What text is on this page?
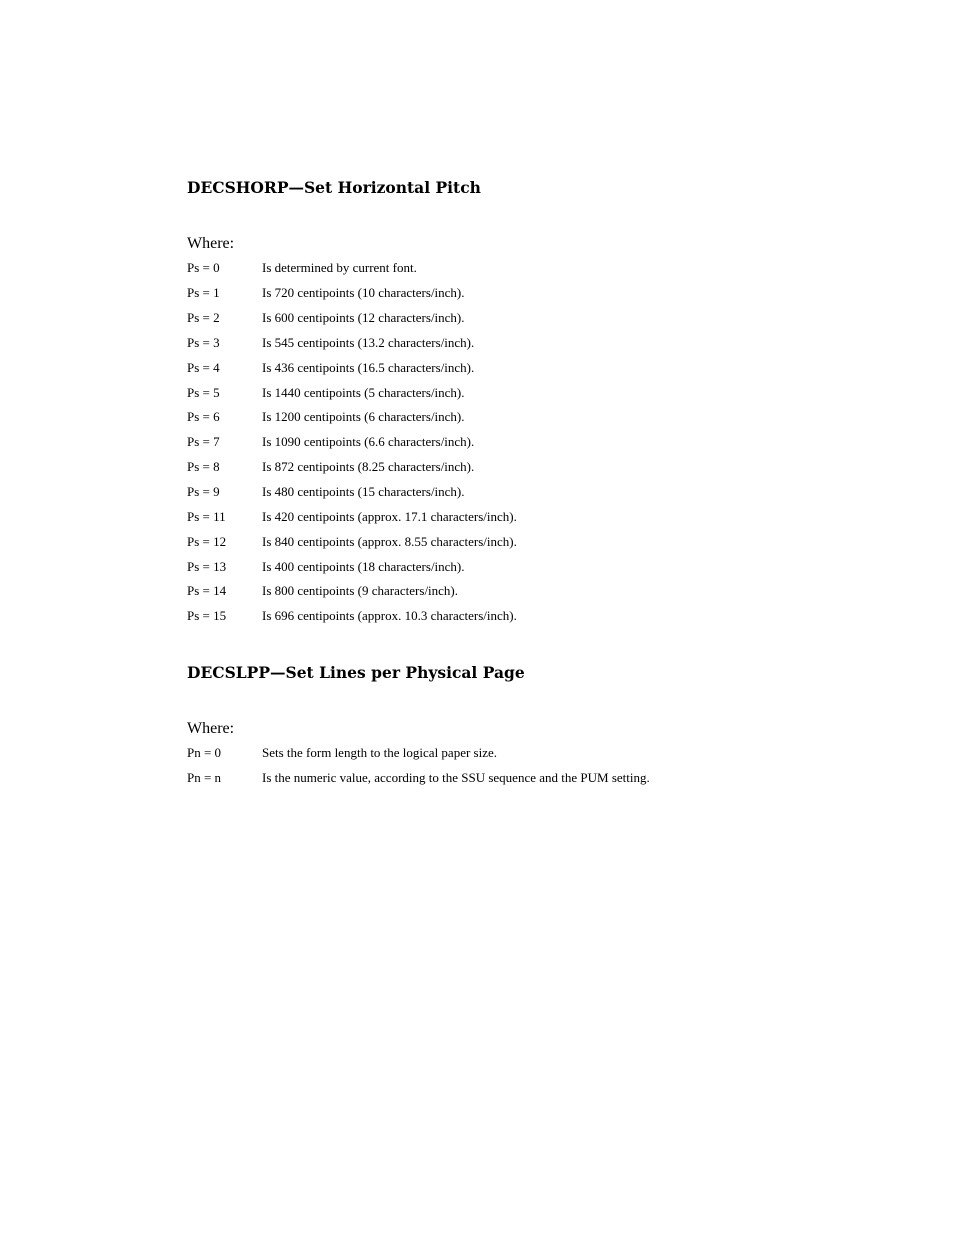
DECSHORP—Set Horizontal Pitch
Where:
Ps = 0	Is determined by current font.
Ps = 1	Is 720 centipoints (10 characters/inch).
Ps = 2	Is 600 centipoints (12 characters/inch).
Ps = 3	Is 545 centipoints (13.2 characters/inch).
Ps = 4	Is 436 centipoints (16.5 characters/inch).
Ps = 5	Is 1440 centipoints (5 characters/inch).
Ps = 6	Is 1200 centipoints (6 characters/inch).
Ps = 7	Is 1090 centipoints (6.6 characters/inch).
Ps = 8	Is 872 centipoints (8.25 characters/inch).
Ps = 9	Is 480 centipoints (15 characters/inch).
Ps = 11	Is 420 centipoints (approx. 17.1 characters/inch).
Ps = 12	Is 840 centipoints (approx. 8.55 characters/inch).
Ps = 13	Is 400 centipoints (18 characters/inch).
Ps = 14	Is 800 centipoints (9 characters/inch).
Ps = 15	Is 696 centipoints (approx. 10.3 characters/inch).
DECSLPP—Set Lines per Physical Page
Where:
Pn = 0	Sets the form length to the logical paper size.
Pn = n	Is the numeric value, according to the SSU sequence and the PUM setting.
